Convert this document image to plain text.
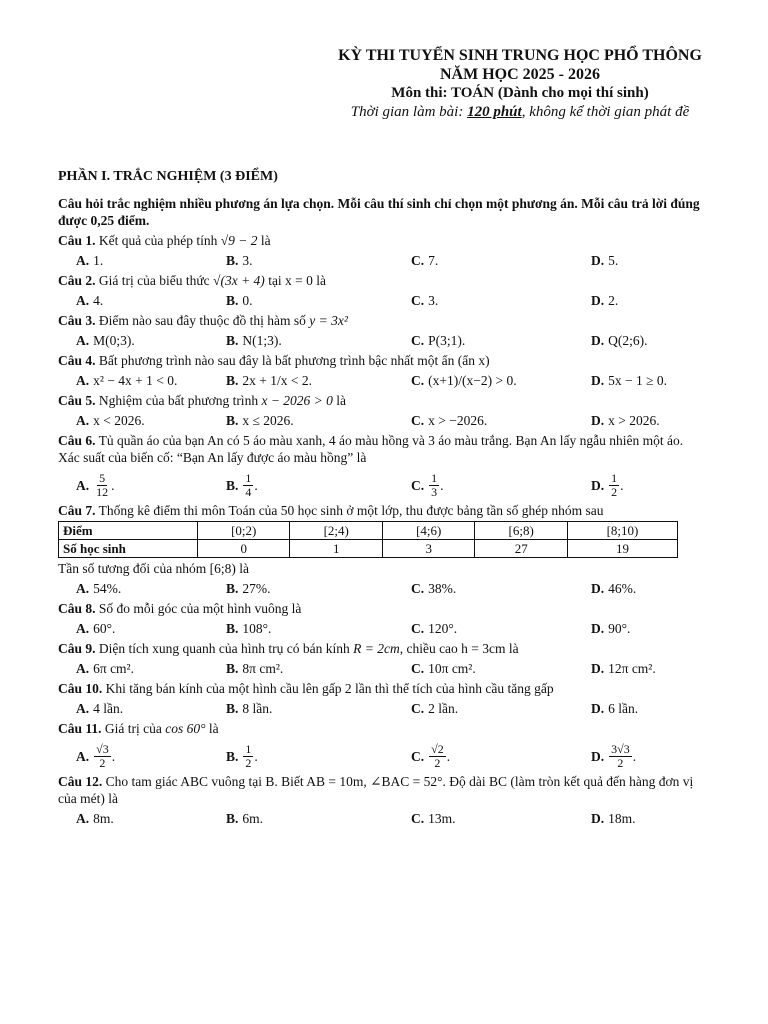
KỲ THI TUYỂN SINH TRUNG HỌC PHỔ THÔNG
NĂM HỌC 2025 - 2026
Môn thi: TOÁN (Dành cho mọi thí sinh)
Thời gian làm bài: 120 phút, không kể thời gian phát đề
PHẦN I. TRẮC NGHIỆM (3 ĐIỂM)
Câu hỏi trắc nghiệm nhiều phương án lựa chọn. Mỗi câu thí sinh chỉ chọn một phương án. Mỗi câu trả lời đúng được 0,25 điểm.
Câu 1. Kết quả của phép tính √9 − 2 là
A. 1.	B. 3.	C. 7.	D. 5.
Câu 2. Giá trị của biểu thức √(3x + 4) tại x = 0 là
A. 4.	B. 0.	C. 3.	D. 2.
Câu 3. Điểm nào sau đây thuộc đồ thị hàm số y = 3x²
A. M(0;3).	B. N(1;3).	C. P(3;1).	D. Q(2;6).
Câu 4. Bất phương trình nào sau đây là bất phương trình bậc nhất một ẩn (ẩn x)
A. x² − 4x + 1 < 0.	B. 2x + 1/x < 2.	C. (x+1)/(x−2) > 0.	D. 5x − 1 ≥ 0.
Câu 5. Nghiệm của bất phương trình x − 2026 > 0 là
A. x < 2026.	B. x ≤ 2026.	C. x > −2026.	D. x > 2026.
Câu 6. Tủ quần áo của bạn An có 5 áo màu xanh, 4 áo màu hồng và 3 áo màu trắng. Bạn An lấy ngẫu nhiên một áo. Xác suất của biến cố: “Bạn An lấy được áo màu hồng” là
A. $\frac{5}{12}$ .	B. $\frac{1}{4}$ .	C. $\frac{1}{3}$ .	D. $\frac{1}{2}$ .
Câu 7. Thống kê điểm thi môn Toán của 50 học sinh ở một lớp, thu được bảng tần số ghép nhóm sau
Điểm	[0;2)	[2;4)	[4;6)	[6;8)	[8;10)
Số học sinh	0	1	3	27	19
Tần số tương đối của nhóm [6;8) là
A. 54%.	B. 27%.	C. 38%.	D. 46%.
Câu 8. Số đo mỗi góc của một hình vuông là
A. 60°.	B. 108°.	C. 120°.	D. 90°.
Câu 9. Diện tích xung quanh của hình trụ có bán kính R = 2cm, chiều cao h = 3cm là
A. 6π cm².	B. 8π cm².	C. 10π cm².	D. 12π cm².
Câu 10. Khi tăng bán kính của một hình cầu lên gấp 2 lần thì thể tích của hình cầu tăng gấp
A. 4 lần.	B. 8 lần.	C. 2 lần.	D. 6 lần.
Câu 11. Giá trị của cos 60° là
A. $\frac{√3}{2}$ .	B. $\frac{1}{2}$ .	C. $\frac{√2}{2}$ .	D. $\frac{3√3}{2}$ .
Câu 12. Cho tam giác ABC vuông tại B. Biết AB = 10m, ∠BAC = 52°. Độ dài BC (làm tròn kết quả đến hàng đơn vị của mét) là
A. 8m.	B. 6m.	C. 13m.	D. 18m.
